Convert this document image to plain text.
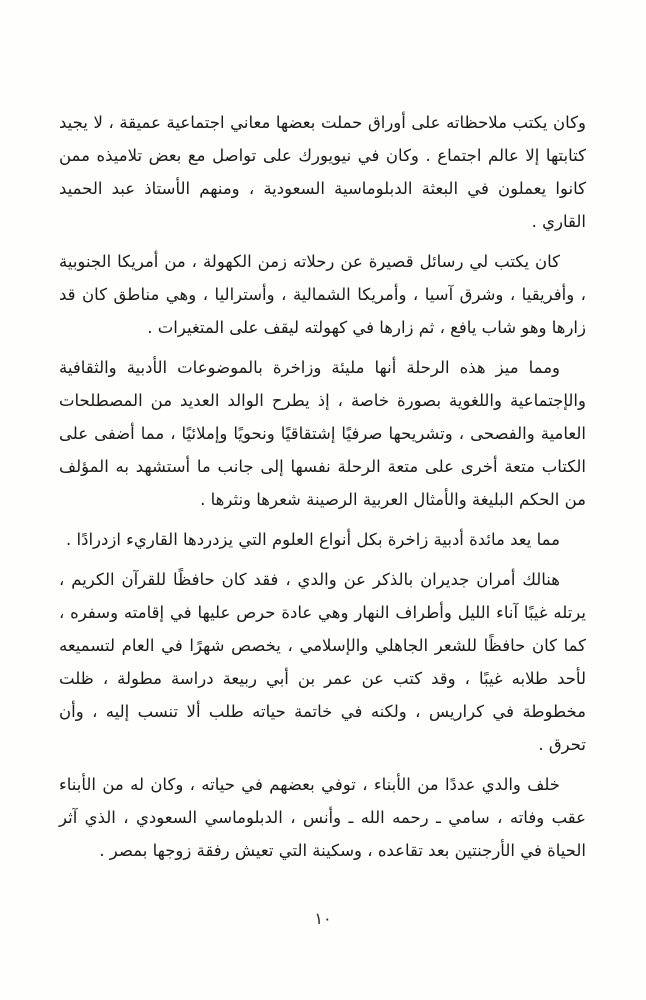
وكان يكتب ملاحظاته على أوراق حملت بعضها معاني اجتماعية عميقة ، لا يجيد كتابتها إلا عالم اجتماع . وكان في نيويورك على تواصل مع بعض تلاميذه ممن كانوا يعملون في البعثة الدبلوماسية السعودية ، ومنهم الأستاذ عبد الحميد القاري .

كان يكتب لي رسائل قصيرة عن رحلاته زمن الكهولة ، من أمريكا الجنوبية ، وأفريقيا ، وشرق آسيا ، وأمريكا الشمالية ، وأستراليا ، وهي مناطق كان قد زارها وهو شاب يافع ، ثم زارها في كهولته ليقف على المتغيرات .

ومما ميز هذه الرحلة أنها مليئة وزاخرة بالموضوعات الأدبية والثقافية والإجتماعية واللغوية بصورة خاصة ، إذ يطرح الوالد العديد من المصطلحات العامية والفصحى ، وتشريحها صرفيًا إشتقاقيًا ونحويًا وإملائيًا ، مما أضفى على الكتاب متعة أخرى على متعة الرحلة نفسها إلى جانب ما أستشهد به المؤلف من الحكم البليغة والأمثال العربية الرصينة شعرها ونثرها .

مما يعد مائدة أدبية زاخرة بكل أنواع العلوم التي يزدردها القاريء ازدرادًا .

هنالك أمران جديران بالذكر عن والدي ، فقد كان حافظًا للقرآن الكريم ، يرتله غيبًا آناء الليل وأطراف النهار وهي عادة حرص عليها في إقامته وسفره ، كما كان حافظًا للشعر الجاهلي والإسلامي ، يخصص شهرًا في العام لتسميعه لأحد طلابه غيبًا ، وقد كتب عن عمر بن أبي ربيعة دراسة مطولة ، ظلت مخطوطة في كراريس ، ولكنه في خاتمة حياته طلب ألا تنسب إليه ، وأن تحرق .

خلف والدي عددًا من الأبناء ، توفي بعضهم في حياته ، وكان له من الأبناء عقب وفاته ، سامي ـ رحمه الله ـ وأنس ، الدبلوماسي السعودي ، الذي آثر الحياة في الأرجنتين بعد تقاعده ، وسكينة التي تعيش رفقة زوجها بمصر .

١٠
